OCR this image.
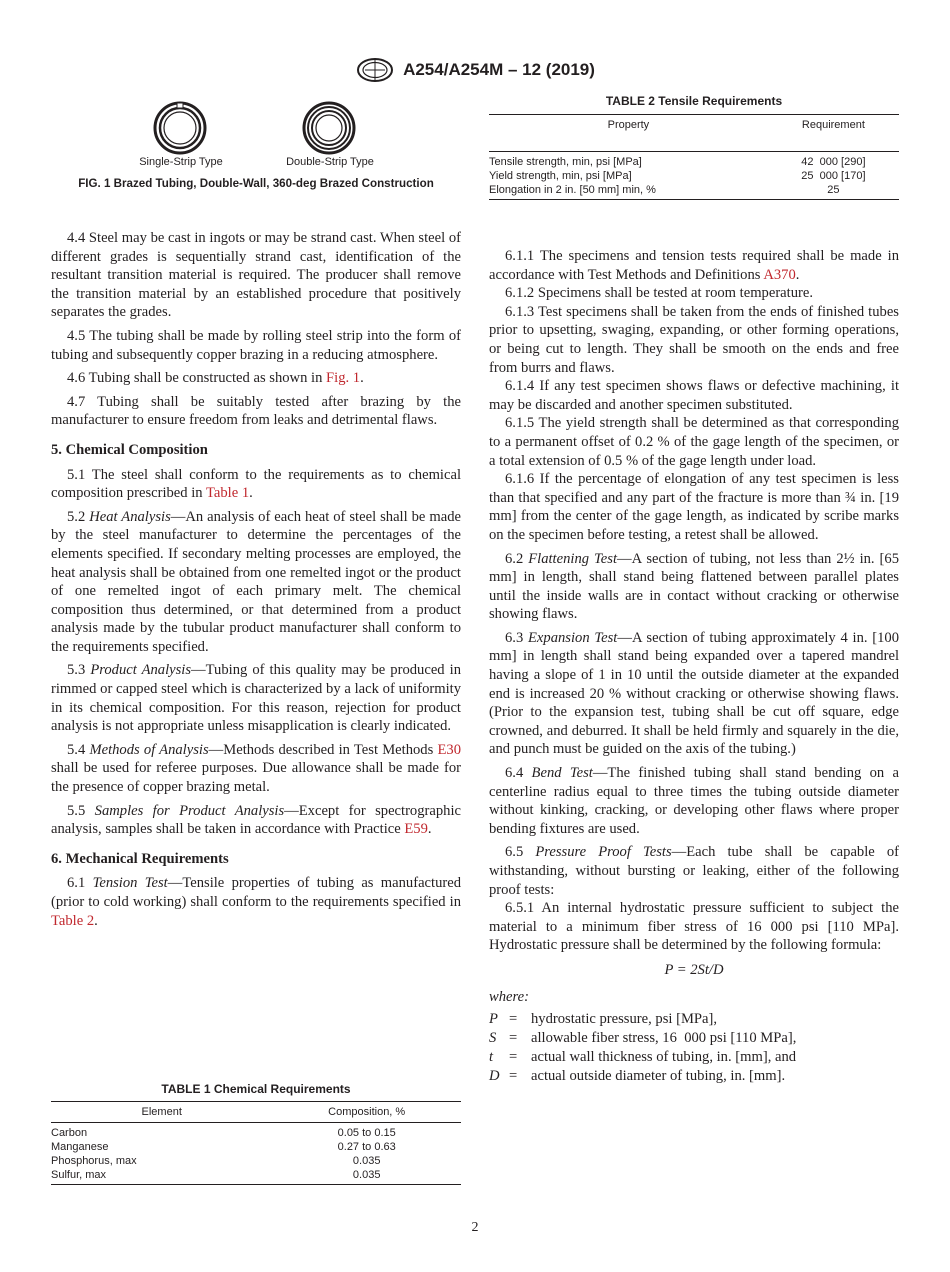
A254/A254M – 12 (2019)
Single-Strip Type	Double-Strip Type
FIG. 1 Brazed Tubing, Double-Wall, 360-deg Brazed Construction
TABLE 2 Tensile Requirements
Property	Requirement
Tensile strength, min, psi [MPa]	42  000 [290]
Yield strength, min, psi [MPa]	25  000 [170]
Elongation in 2 in. [50 mm] min, %	25

4.4 Steel may be cast in ingots or may be strand cast. When steel of different grades is sequentially strand cast, identification of the resultant transition material is required. The producer shall remove the transition material by an established procedure that positively separates the grades.

4.5 The tubing shall be made by rolling steel strip into the form of tubing and subsequently copper brazing in a reducing atmosphere.

4.6 Tubing shall be constructed as shown in Fig. 1.

4.7 Tubing shall be suitably tested after brazing by the manufacturer to ensure freedom from leaks and detrimental flaws.

5. Chemical Composition

5.1 The steel shall conform to the requirements as to chemical composition prescribed in Table 1.

5.2 Heat Analysis—An analysis of each heat of steel shall be made by the steel manufacturer to determine the percentages of the elements specified. If secondary melting processes are employed, the heat analysis shall be obtained from one remelted ingot or the product of one remelted ingot of each primary melt. The chemical composition thus determined, or that determined from a product analysis made by the tubular product manufacturer shall conform to the requirements specified.

5.3 Product Analysis—Tubing of this quality may be produced in rimmed or capped steel which is characterized by a lack of uniformity in its chemical composition. For this reason, rejection for product analysis is not appropriate unless misapplication is clearly indicated.

5.4 Methods of Analysis—Methods described in Test Methods E30 shall be used for referee purposes. Due allowance shall be made for the presence of copper brazing metal.

5.5 Samples for Product Analysis—Except for spectrographic analysis, samples shall be taken in accordance with Practice E59.

6. Mechanical Requirements

6.1 Tension Test—Tensile properties of tubing as manufactured (prior to cold working) shall conform to the requirements specified in Table 2.

TABLE 1 Chemical Requirements
Element	Composition, %
Carbon	0.05 to 0.15
Manganese	0.27 to 0.63
Phosphorus, max	0.035
Sulfur, max	0.035

6.1.1 The specimens and tension tests required shall be made in accordance with Test Methods and Definitions A370.

6.1.2 Specimens shall be tested at room temperature.

6.1.3 Test specimens shall be taken from the ends of finished tubes prior to upsetting, swaging, expanding, or other forming operations, or being cut to length. They shall be smooth on the ends and free from burrs and flaws.

6.1.4 If any test specimen shows flaws or defective machining, it may be discarded and another specimen substituted.

6.1.5 The yield strength shall be determined as that corresponding to a permanent offset of 0.2 % of the gage length of the specimen, or a total extension of 0.5 % of the gage length under load.

6.1.6 If the percentage of elongation of any test specimen is less than that specified and any part of the fracture is more than ¾ in. [19 mm] from the center of the gage length, as indicated by scribe marks on the specimen before testing, a retest shall be allowed.

6.2 Flattening Test—A section of tubing, not less than 2½ in. [65 mm] in length, shall stand being flattened between parallel plates until the inside walls are in contact without cracking or otherwise showing flaws.

6.3 Expansion Test—A section of tubing approximately 4 in. [100 mm] in length shall stand being expanded over a tapered mandrel having a slope of 1 in 10 until the outside diameter at the expanded end is increased 20 % without cracking or otherwise showing flaws. (Prior to the expansion test, tubing shall be cut off square, edge crowned, and deburred. It shall be held firmly and squarely in the die, and punch must be guided on the axis of the tubing.)

6.4 Bend Test—The finished tubing shall stand bending on a centerline radius equal to three times the tubing outside diameter without kinking, cracking, or developing other flaws where proper bending fixtures are used.

6.5 Pressure Proof Tests—Each tube shall be capable of withstanding, without bursting or leaking, either of the following proof tests:

6.5.1 An internal hydrostatic pressure sufficient to subject the material to a minimum fiber stress of 16 000 psi [110 MPa]. Hydrostatic pressure shall be determined by the following formula:

P = 2St/D
where:
P = hydrostatic pressure, psi [MPa],
S = allowable fiber stress, 16  000 psi [110 MPa],
t	= actual wall thickness of tubing, in. [mm], and
D = actual outside diameter of tubing, in. [mm].
2
